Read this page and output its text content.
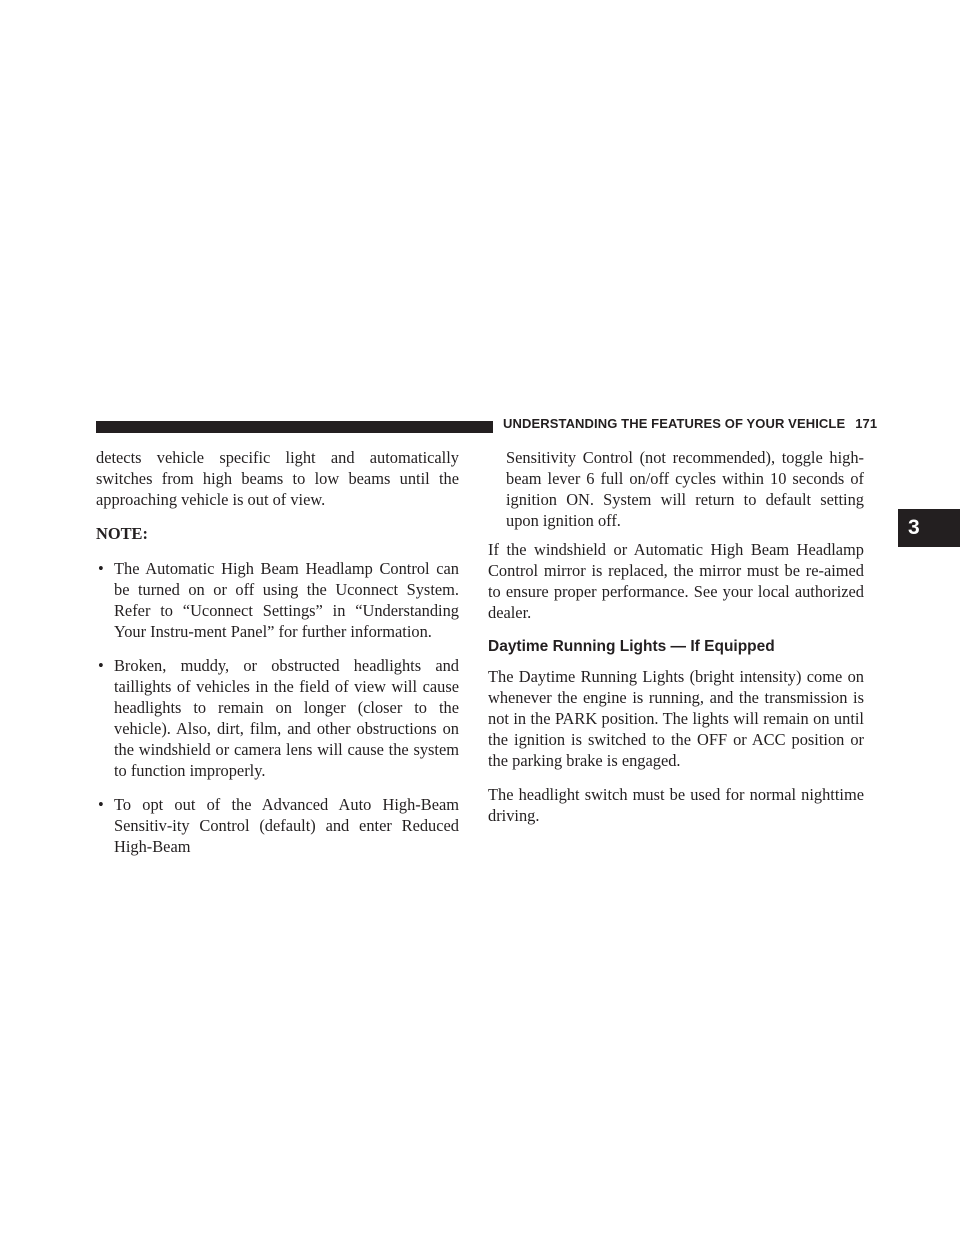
UNDERSTANDING THE FEATURES OF YOUR VEHICLE 171
3

detects vehicle specific light and automatically switches from high beams to low beams until the approaching vehicle is out of view.

NOTE:

• The Automatic High Beam Headlamp Control can be turned on or off using the Uconnect System. Refer to “Uconnect Settings” in “Understanding Your Instru-ment Panel” for further information.
• Broken, muddy, or obstructed headlights and taillights of vehicles in the field of view will cause headlights to remain on longer (closer to the vehicle). Also, dirt, film, and other obstructions on the windshield or camera lens will cause the system to function improperly.
• To opt out of the Advanced Auto High-Beam Sensitiv-ity Control (default) and enter Reduced High-Beam

Sensitivity Control (not recommended), toggle high-beam lever 6 full on/off cycles within 10 seconds of ignition ON. System will return to default setting upon ignition off.

If the windshield or Automatic High Beam Headlamp Control mirror is replaced, the mirror must be re-aimed to ensure proper performance. See your local authorized dealer.

Daytime Running Lights — If Equipped

The Daytime Running Lights (bright intensity) come on whenever the engine is running, and the transmission is not in the PARK position. The lights will remain on until the ignition is switched to the OFF or ACC position or the parking brake is engaged.

The headlight switch must be used for normal nighttime driving.
